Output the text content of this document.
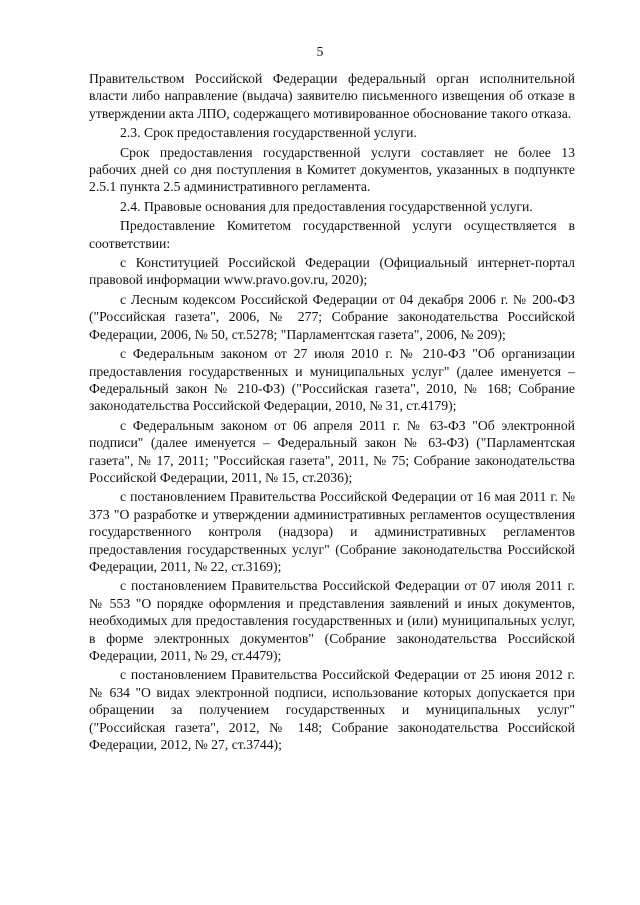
5

Правительством Российской Федерации федеральный орган исполнительной власти либо направление (выдача) заявителю письменного извещения об отказе в утверждении акта ЛПО, содержащего мотивированное обоснование такого отказа.

2.3. Срок предоставления государственной услуги.

Срок предоставления государственной услуги составляет не более 13 рабочих дней со дня поступления в Комитет документов, указанных в подпункте 2.5.1 пункта 2.5 административного регламента.

2.4. Правовые основания для предоставления государственной услуги.

Предоставление Комитетом государственной услуги осуществляется в соответствии:

с Конституцией Российской Федерации (Официальный интернет-портал правовой информации www.pravo.gov.ru, 2020);

с Лесным кодексом Российской Федерации от 04 декабря 2006 г. № 200-ФЗ ("Российская газета", 2006, № 277; Собрание законодательства Российской Федерации, 2006, № 50, ст.5278; "Парламентская газета", 2006, № 209);

с Федеральным законом от 27 июля 2010 г. № 210-ФЗ "Об организации предоставления государственных и муниципальных услуг" (далее именуется – Федеральный закон № 210-ФЗ) ("Российская газета", 2010, № 168; Собрание законодательства Российской Федерации, 2010, № 31, ст.4179);

с Федеральным законом от 06 апреля 2011 г. № 63-ФЗ "Об электронной подписи" (далее именуется – Федеральный закон № 63-ФЗ) ("Парламентская газета", № 17, 2011; "Российская газета", 2011, № 75; Собрание законодательства Российской Федерации, 2011, № 15, ст.2036);

с постановлением Правительства Российской Федерации от 16 мая 2011 г. № 373 "О разработке и утверждении административных регламентов осуществления государственного контроля (надзора) и административных регламентов предоставления государственных услуг" (Собрание законодательства Российской Федерации, 2011, № 22, ст.3169);

с постановлением Правительства Российской Федерации от 07 июля 2011 г. № 553 "О порядке оформления и представления заявлений и иных документов, необходимых для предоставления государственных и (или) муниципальных услуг, в форме электронных документов" (Собрание законодательства Российской Федерации, 2011, № 29, ст.4479);

с постановлением Правительства Российской Федерации от 25 июня 2012 г. № 634 "О видах электронной подписи, использование которых допускается при обращении за получением государственных и муниципальных услуг" ("Российская газета", 2012, № 148; Собрание законодательства Российской Федерации, 2012, № 27, ст.3744);
